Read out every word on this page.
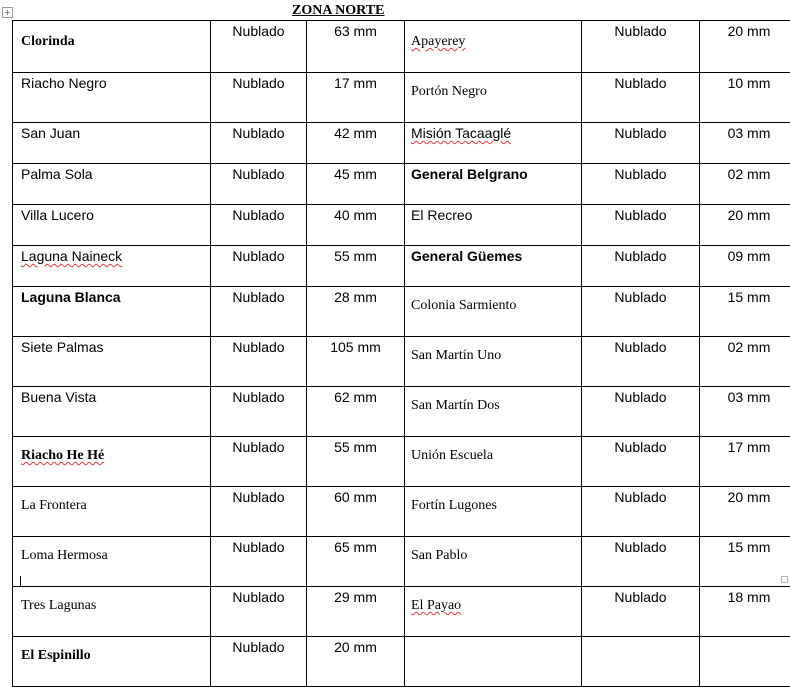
+	ZONA NORTE
Clorinda	Nublado	63 mm	Apayerey	Nublado	20 mm
Riacho Negro	Nublado	17 mm	Portón Negro	Nublado	10 mm
San Juan	Nublado	42 mm	Misión Tacaaglé	Nublado	03 mm
Palma Sola	Nublado	45 mm	General Belgrano	Nublado	02 mm
Villa Lucero	Nublado	40 mm	El Recreo	Nublado	20 mm
Laguna Naineck	Nublado	55 mm	General Güemes	Nublado	09 mm
Laguna Blanca	Nublado	28 mm	Colonia Sarmiento	Nublado	15 mm
Siete Palmas	Nublado	105 mm	San Martín Uno	Nublado	02 mm
Buena Vista	Nublado	62 mm	San Martín Dos	Nublado	03 mm
Riacho He Hé	Nublado	55 mm	Unión Escuela	Nublado	17 mm
La Frontera	Nublado	60 mm	Fortín Lugones	Nublado	20 mm
Loma Hermosa	Nublado	65 mm	San Pablo	Nublado	15 mm
Tres Lagunas	Nublado	29 mm	El Payao	Nublado	18 mm
El Espinillo	Nublado	20 mm			
